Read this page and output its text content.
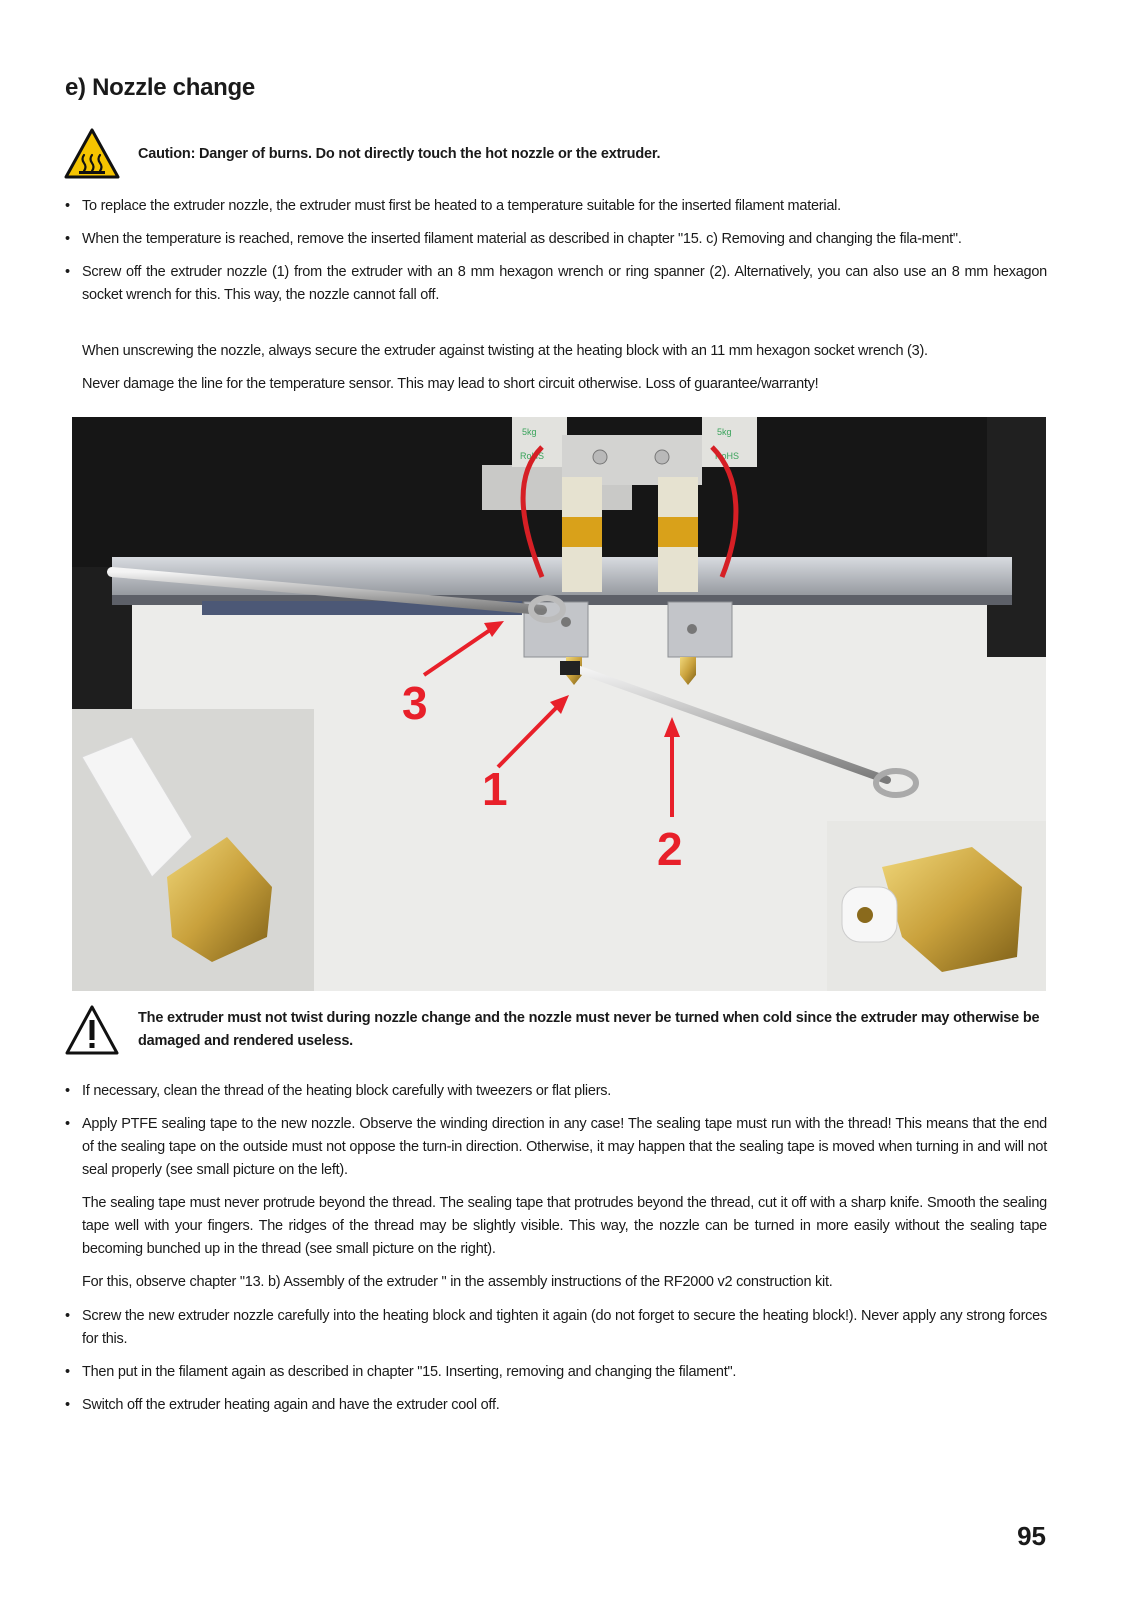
e) Nozzle change
Caution: Danger of burns. Do not directly touch the hot nozzle or the extruder.
• To replace the extruder nozzle, the extruder must first be heated to a temperature suitable for the inserted filament material.
• When the temperature is reached, remove the inserted filament material as described in chapter "15. c) Removing and changing the fila-ment".
• Screw off the extruder nozzle (1) from the extruder with an 8 mm hexagon wrench or ring spanner (2). Alternatively, you can also use an 8 mm hexagon socket wrench for this. This way, the nozzle cannot fall off.

When unscrewing the nozzle, always secure the extruder against twisting at the heating block with an 11 mm hexagon socket wrench (3).

Never damage the line for the temperature sensor. This may lead to short circuit otherwise. Loss of guarantee/warranty!

5kg
RoHS
5kg
RoHS
3
1
2
The extruder must not twist during nozzle change and the nozzle must never be turned when cold since the extruder may otherwise be damaged and rendered useless.
• If necessary, clean the thread of the heating block carefully with tweezers or flat pliers.
• Apply PTFE sealing tape to the new nozzle. Observe the winding direction in any case! The sealing tape must run with the thread! This means that the end of the sealing tape on the outside must not oppose the turn-in direction. Otherwise, it may happen that the sealing tape is moved when turning in and will not seal properly (see small picture on the left).

The sealing tape must never protrude beyond the thread. The sealing tape that protrudes beyond the thread, cut it off with a sharp knife. Smooth the sealing tape well with your fingers. The ridges of the thread may be slightly visible. This way, the nozzle can be turned in more easily without the sealing tape becoming bunched up in the thread (see small picture on the right).

For this, observe chapter "13. b) Assembly of the extruder " in the assembly instructions of the RF2000 v2 construction kit.

• Screw the new extruder nozzle carefully into the heating block and tighten it again (do not forget to secure the heating block!). Never apply any strong forces for this.
• Then put in the filament again as described in chapter "15. Inserting, removing and changing the filament".
• Switch off the extruder heating again and have the extruder cool off.
95
